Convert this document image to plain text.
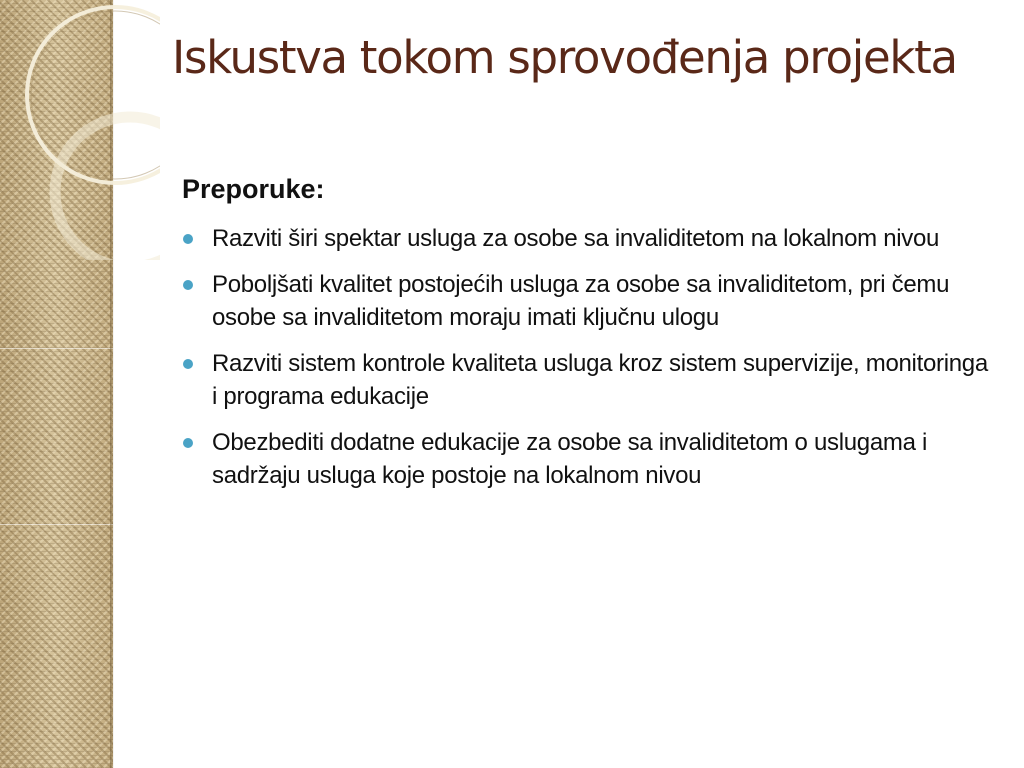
Iskustva tokom sprovođenja projekta
Preporuke:
Razviti širi spektar usluga za osobe sa invaliditetom na lokalnom nivou
Poboljšati kvalitet postojećih usluga za osobe sa invaliditetom, pri čemu osobe sa invaliditetom moraju imati ključnu ulogu
Razviti sistem kontrole kvaliteta usluga kroz sistem supervizije, monitoringa i programa edukacije
Obezbediti dodatne edukacije za osobe sa invaliditetom o uslugama i sadržaju usluga koje postoje na lokalnom nivou
